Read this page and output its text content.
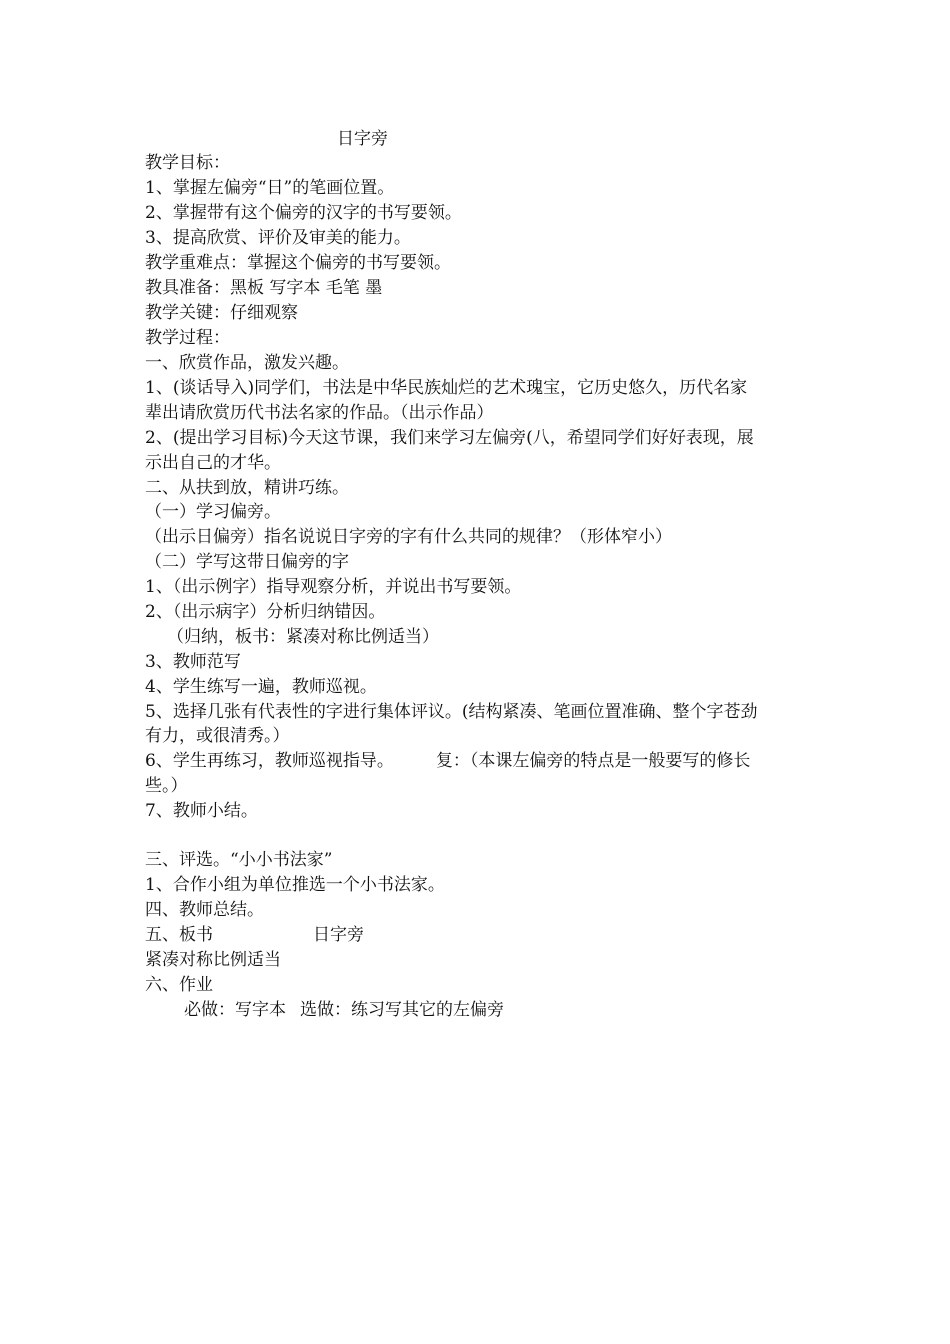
日字旁
教学目标：
1、掌握左偏旁“日”的笔画位置。
2、掌握带有这个偏旁的汉字的书写要领。
3、提高欣赏、评价及审美的能力。
教学重难点：掌握这个偏旁的书写要领。
教具准备：黑板 写字本 毛笔 墨
教学关键：仔细观察
教学过程：
一、欣赏作品，激发兴趣。
1、(谈话导入)同学们，书法是中华民族灿烂的艺术瑰宝，它历史悠久，历代名家
辈出请欣赏历代书法名家的作品。（出示作品）
2、(提出学习目标)今天这节课，我们来学习左偏旁(八，希望同学们好好表现，展
示出自己的才华。
二、从扶到放，精讲巧练。
（一）学习偏旁。
（出示日偏旁）指名说说日字旁的字有什么共同的规律？（形体窄小）
（二）学写这带日偏旁的字
1、（出示例字）指导观察分析，并说出书写要领。
2、（出示病字）分析归纳错因。
（归纳，板书：紧凑对称比例适当）
3、教师范写
4、学生练写一遍，教师巡视。
5、选择几张有代表性的字进行集体评议。(结构紧凑、笔画位置准确、整个字苍劲
有力，或很清秀。）
6、学生再练习，教师巡视指导。 复：（本课左偏旁的特点是一般要写的修长
些。）
7、教师小结。
三、评选。“小小书法家”
1、合作小组为单位推选一个小书法家。
四、教师总结。
五、板书	日字旁
紧凑对称比例适当
六、作业
必做：写字本 选做：练习写其它的左偏旁
